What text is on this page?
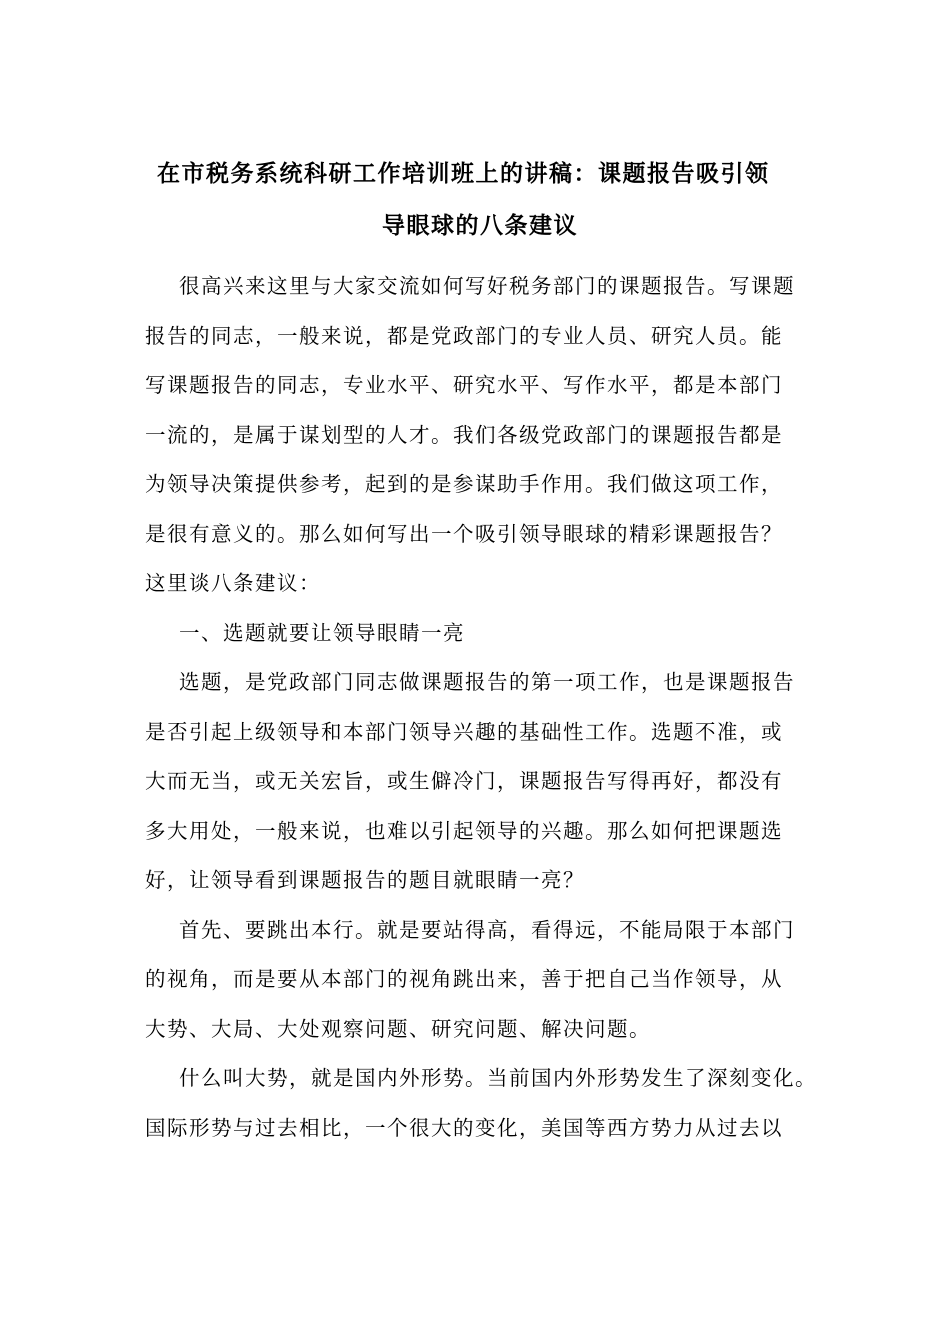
在市税务系统科研工作培训班上的讲稿：课题报告吸引领
导眼球的八条建议
很高兴来这里与大家交流如何写好税务部门的课题报告。写课题
报告的同志，一般来说，都是党政部门的专业人员、研究人员。能
写课题报告的同志，专业水平、研究水平、写作水平，都是本部门
一流的，是属于谋划型的人才。我们各级党政部门的课题报告都是
为领导决策提供参考，起到的是参谋助手作用。我们做这项工作，
是很有意义的。那么如何写出一个吸引领导眼球的精彩课题报告？
这里谈八条建议：
一、选题就要让领导眼睛一亮
选题，是党政部门同志做课题报告的第一项工作，也是课题报告
是否引起上级领导和本部门领导兴趣的基础性工作。选题不准，或
大而无当，或无关宏旨，或生僻冷门，课题报告写得再好，都没有
多大用处，一般来说，也难以引起领导的兴趣。那么如何把课题选
好，让领导看到课题报告的题目就眼睛一亮？
首先、要跳出本行。就是要站得高，看得远，不能局限于本部门
的视角，而是要从本部门的视角跳出来，善于把自己当作领导，从
大势、大局、大处观察问题、研究问题、解决问题。
什么叫大势，就是国内外形势。当前国内外形势发生了深刻变化。
国际形势与过去相比，一个很大的变化，美国等西方势力从过去以
